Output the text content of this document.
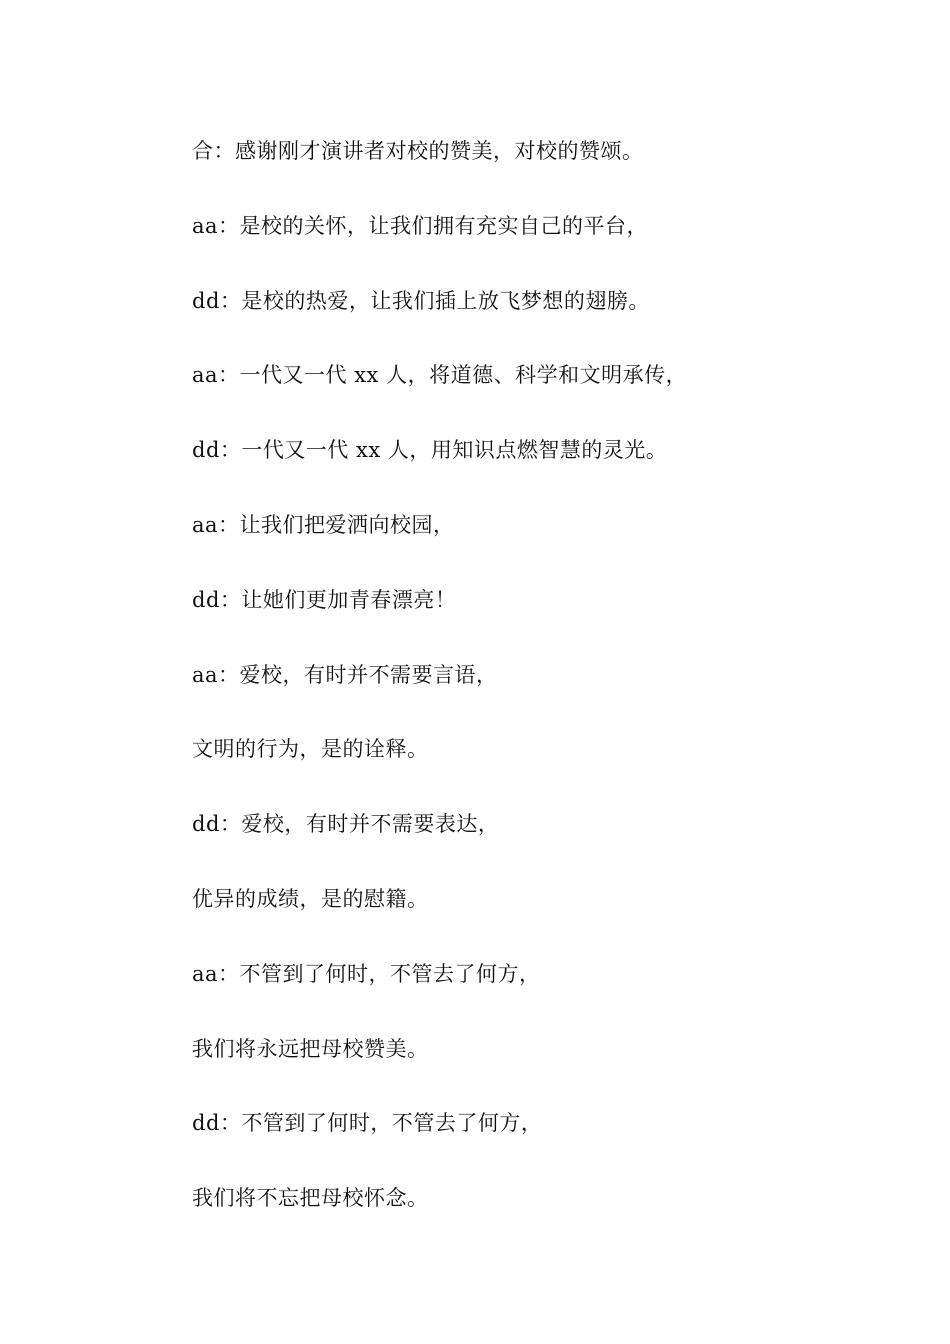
合：感谢刚才演讲者对校的赞美，对校的赞颂。
aa：是校的关怀，让我们拥有充实自己的平台，
dd：是校的热爱，让我们插上放飞梦想的翅膀。
aa：一代又一代 xx 人，将道德、科学和文明承传，
dd：一代又一代 xx 人，用知识点燃智慧的灵光。
aa：让我们把爱洒向校园，
dd：让她们更加青春漂亮！
aa：爱校，有时并不需要言语，
文明的行为，是的诠释。
dd：爱校，有时并不需要表达，
优异的成绩，是的慰籍。
aa：不管到了何时，不管去了何方，
我们将永远把母校赞美。
dd：不管到了何时，不管去了何方，
我们将不忘把母校怀念。
